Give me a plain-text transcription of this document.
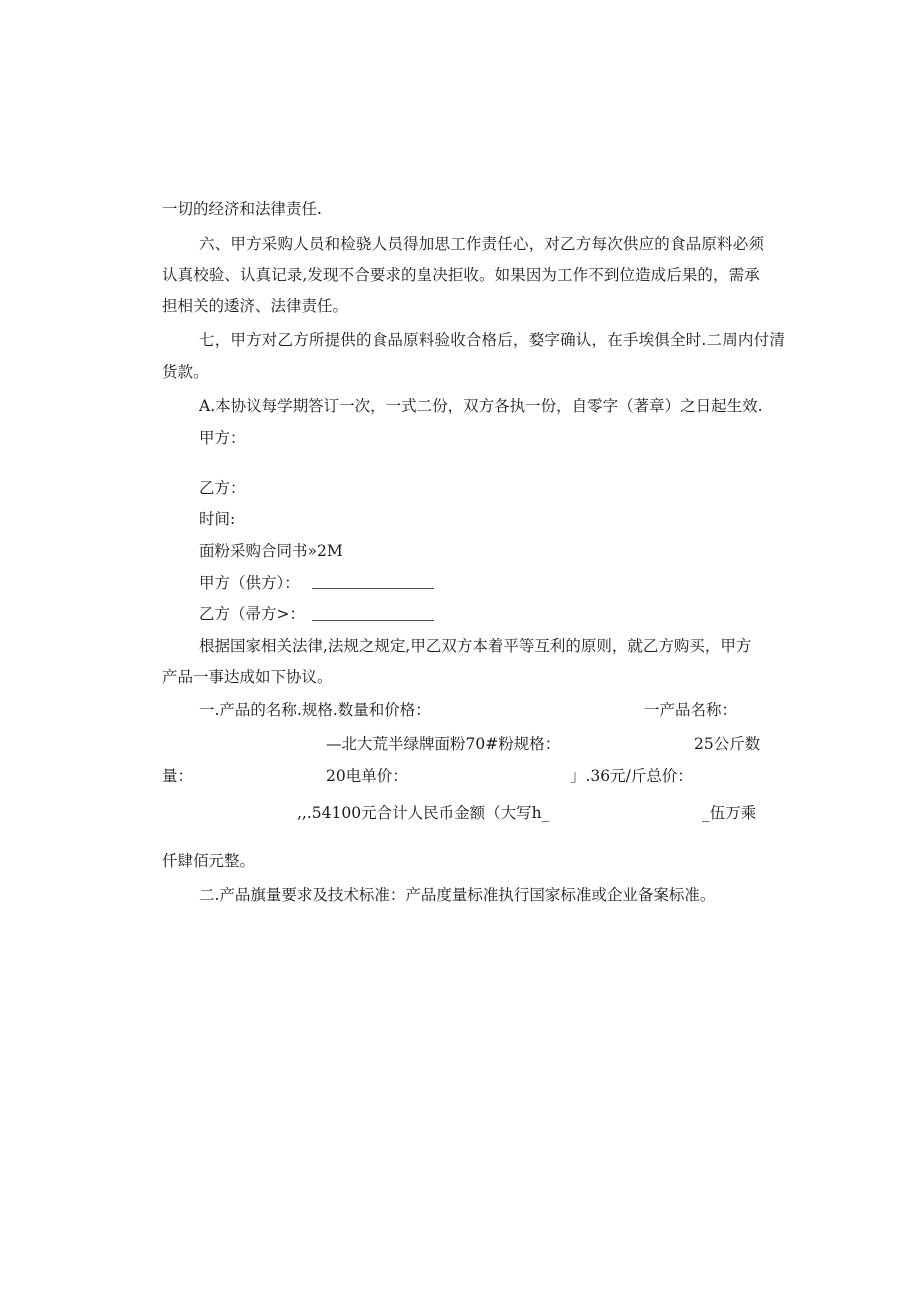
一切的经济和法律责任.
六、甲方采购人员和检骁人员得加思工作责任心，对乙方每次供应的食品原料必须
认真校验、认真记录,发现不合要求的皇决拒收。如果因为工作不到位造成后果的，需承
担相关的逶济、法律责任。
七，甲方对乙方所提供的食品原料验收合格后，婺字确认，在手埃俱全时.二周内付清
货款。
A.本协议每学期答订一次，一式二份，双方各执一份，自零字（著章）之日起生效.
甲方：
乙方：
时间:
面粉采购合同书»2M
甲方（供方）：
乙方（帚方>：
根据国家相关法律,法规之规定,甲乙双方本着平等互利的原则，就乙方购买，甲方
产品一事达成如下协议。
一.产品的名称.规格.数量和价格：	一产品名称：
—北大荒半绿牌面粉70#粉规格：	25公斤数
量：	20电单价：	」.36元/斤总价：
,,.54100元合计人民币金额（大写h_	_伍万乘
仟肆佰元整。
二.产品旗量要求及技术标准：产品度量标准执行国家标准或企业备案标准。
